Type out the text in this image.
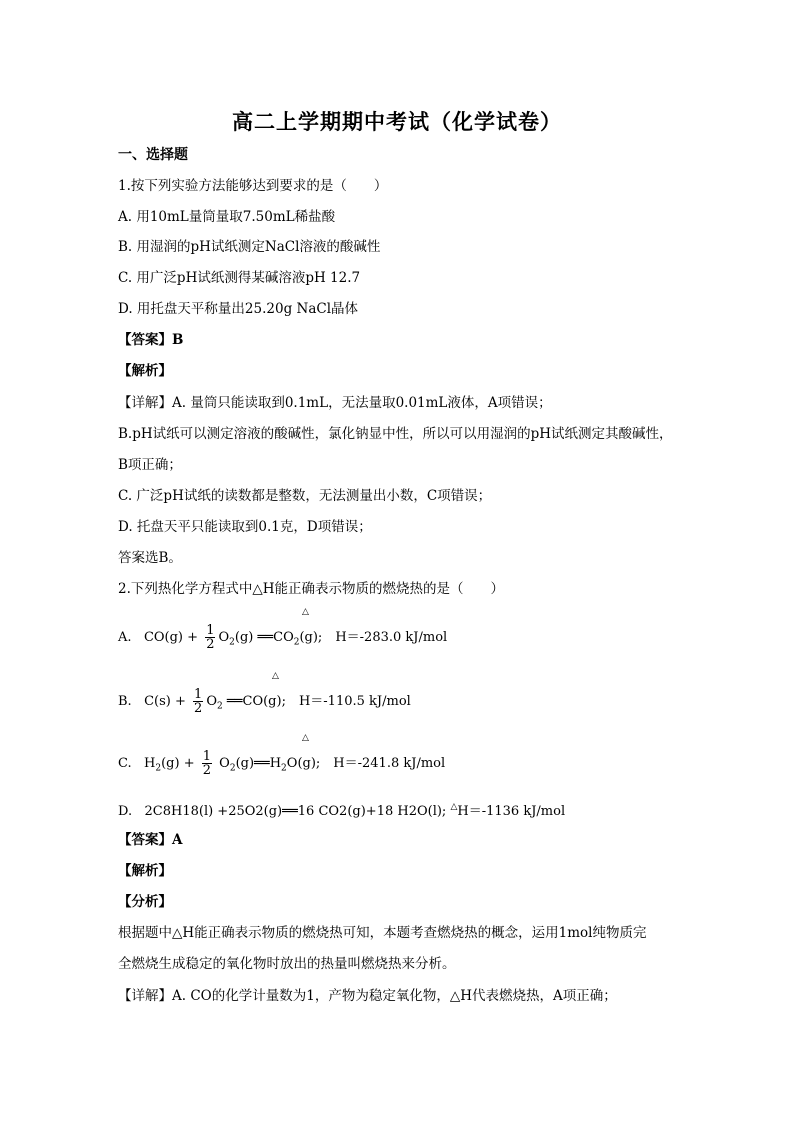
高二上学期期中考试（化学试卷）
一、选择题
1.按下列实验方法能够达到要求的是（　　）
A. 用10mL量筒量取7.50mL稀盐酸
B. 用湿润的pH试纸测定NaCl溶液的酸碱性
C. 用广泛pH试纸测得某碱溶液pH 12.7
D. 用托盘天平称量出25.20g NaCl晶体
【答案】B
【解析】
【详解】A. 量筒只能读取到0.1mL，无法量取0.01mL液体，A项错误；
B.pH试纸可以测定溶液的酸碱性，氯化钠显中性，所以可以用湿润的pH试纸测定其酸碱性，
B项正确；
C. 广泛pH试纸的读数都是整数，无法测量出小数，C项错误；
D. 托盘天平只能读取到0.1克，D项错误；
答案选B。
2.下列热化学方程式中△H能正确表示物质的燃烧热的是（　　）
△
A. $CO(g) + \frac{1}{2} O_2(g)$ $══CO_2(g)$;　H＝-283.0 kJ/mol
△
B. $C(s) + \frac{1}{2} O_2$ ══CO(g);　H＝-110.5 kJ/mol
△
C. $H_2(g) + \frac{1}{2}$ $O_2(g)══H_2O(g)$;　H＝-241.8 kJ/mol
D. 2C8H18(l) +25O2(g)══16 CO2(g)+18 H2O(l); △H＝-1136 kJ/mol
【答案】A
【解析】
【分析】
根据题中△H能正确表示物质的燃烧热可知，本题考查燃烧热的概念，运用1mol纯物质完
全燃烧生成稳定的氧化物时放出的热量叫燃烧热来分析。
【详解】A. CO的化学计量数为1，产物为稳定氧化物，△H代表燃烧热，A项正确；
